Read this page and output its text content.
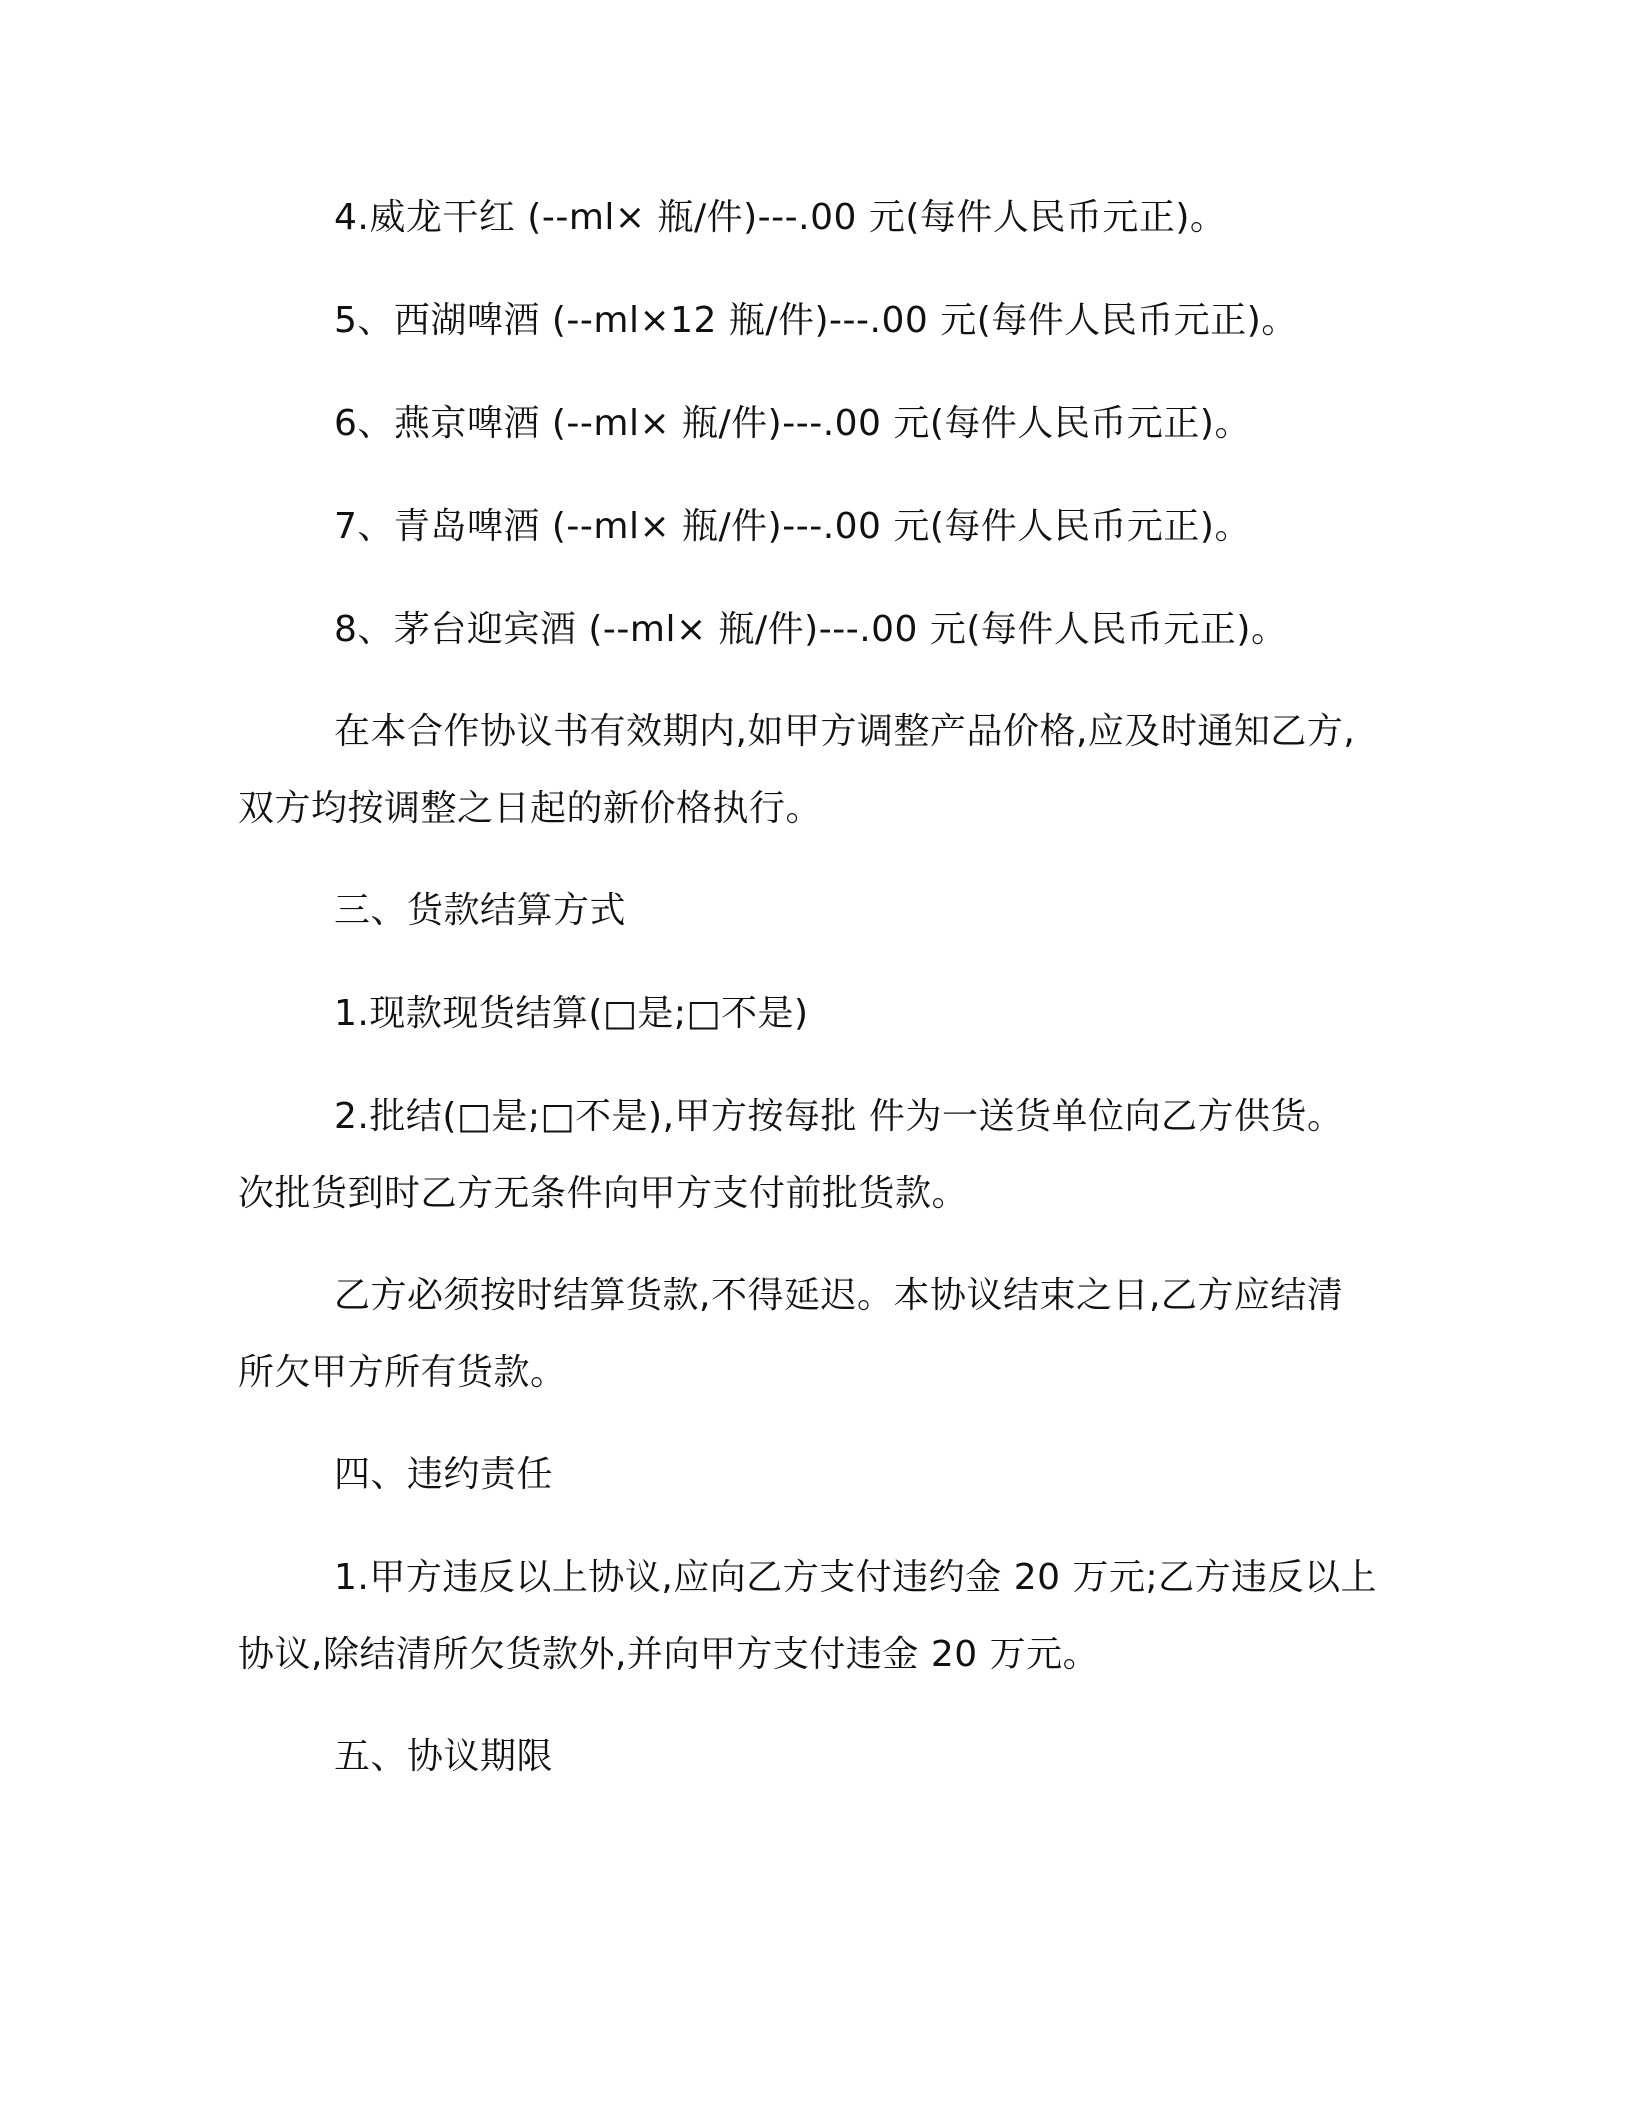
4.威龙干红 (--ml× 瓶/件)---.00 元(每件人民币元正)。
5、西湖啤酒 (--ml×12 瓶/件)---.00 元(每件人民币元正)。
6、燕京啤酒 (--ml× 瓶/件)---.00 元(每件人民币元正)。
7、青岛啤酒 (--ml× 瓶/件)---.00 元(每件人民币元正)。
8、茅台迎宾酒 (--ml× 瓶/件)---.00 元(每件人民币元正)。
在本合作协议书有效期内,如甲方调整产品价格,应及时通知乙方,
双方均按调整之日起的新价格执行。
三、货款结算方式
1.现款现货结算(□是;□不是)
2.批结(□是;□不是),甲方按每批 件为一送货单位向乙方供货。
次批货到时乙方无条件向甲方支付前批货款。
乙方必须按时结算货款,不得延迟。本协议结束之日,乙方应结清
所欠甲方所有货款。
四、违约责任
1.甲方违反以上协议,应向乙方支付违约金 20 万元;乙方违反以上
协议,除结清所欠货款外,并向甲方支付违金 20 万元。
五、协议期限
